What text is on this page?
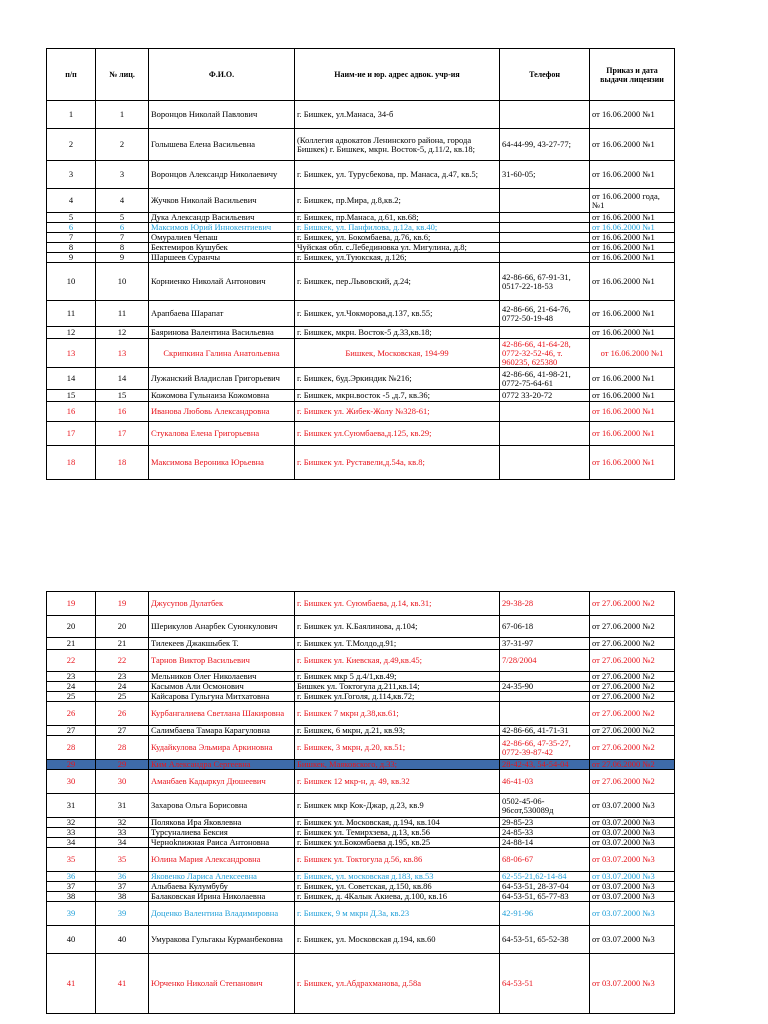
п/п	№ лиц.	Ф.И.О.	Наим-ие и юр. адрес адвок. учр-ия	Телефон	Приказ и дата выдачи лицензии
1	1	Воронцов Николай Павлович	г. Бишкек, ул.Манаса, 34-б		от 16.06.2000 №1
2	2	Голышева Елена Васильевна	(Коллегия адвокатов Ленинского района, города Бишкек) г. Бишкек, мкрн. Восток-5, д.11/2, кв.18;	64-44-99, 43-27-77;	от 16.06.2000 №1
3	3	Воронцов Александр Николаевичу	г. Бишкек, ул. Турусбекова, пр. Манаса, д.47, кв.5;	31-60-05;	от 16.06.2000 №1
4	4	Жучков Николай Васильевич	г. Бишкек, пр.Мира, д.8,кв.2;		от 16.06.2000 года, №1
5	5	Дука Александр Васильевич	г. Бишкек, пр.Манаса, д.61, кв.68;		от 16.06.2000 №1
6	6	Максимов Юрий Иннокентиевич	г. Бишкек, ул. Панфилова, д.12а, кв.40;		от 16.06.2000 №1
7	7	Омуралиев Чепаш	г. Бишкек, ул. Бокомбаева, д.76, кв.6;		от 16.06.2000 №1
8	8	Бектемиров Кушубек	Чуйская обл. с.Лебединовка ул. Мигулина, д.8;		от 16.06.2000 №1
9	9	Шаршеев Суранчы	г. Бишкек, ул.Туюкская, д.126;		от 16.06.2000 №1
10	10	Корниенко Николай Антонович	г. Бишкек, пер.Львовский, д.24;	42-86-66, 67-91-31, 0517-22-18-53	от 16.06.2000 №1
11	11	Арапбаева Шарапат	г. Бишкек, ул.Чокморова,д.137, кв.55;	42-86-66, 21-64-76, 0772-50-19-48	от 16.06.2000 №1
12	12	Баяринова Валентина Васильевна	г. Бишкек, мкрн. Восток-5 д.33,кв.18;		от 16.06.2000 №1
13	13	Скрипкина Галина Анатольевна	Бишкек, Московская, 194-99	42-86-66, 41-64-28, 0772-32-52-46, т. 960235, 625380	от 16.06.2000 №1
14	14	Лужанский Владислав Григорьевич	г. Бишкек, 6уд.Эркиндик №216;	42-86-66, 41-98-21, 0772-75-64-61	от 16.06.2000 №1
15	15	Кожомова Гульнаиза Кожомовна	г. Бишкек, мкрн.восток -5 ,д.7, кв.36;	0772 33-20-72	от 16.06.2000 №1
16	16	Иванова Любовь Александровна	г. Бишкек ул. Жибек-Жолу №328-61;		от 16.06.2000 №1
17	17	Стукалова Елена Григорьевна	г. Бишкек ул.Суюмбаева,д.125, кв.29;		от 16.06.2000 №1
18	18	Максимова Вероника Юрьевна	г. Бишкек ул. Руставели,д.54а, кв.8;		от 16.06.2000 №1
19	19	Джусупов Дулатбек	г. Бишкек ул. Суюмбаева, д.14, кв.31;	29-38-28	от 27.06.2000 №2
20	20	Шерикулов Анарбек Суюнкулович	г. Бишкек ул. К.Баялинова, д.104;	67-06-18	от 27.06.2000 №2
21	21	Тилекеев Джакшыбек Т.	г. Бишкек ул. Т.Молдо,д.91;	37-31-97	от 27.06.2000 №2
22	22	Тарнов Виктор Васильевич	г. Бишкек ул. Киевская, д.49,кв.45;	7/28/2004	от 27.06.2000 №2
23	23	Мельников Олег Николаевич	г. Бишкек мкр 5 д.4/1,кв.49;		от 27.06.2000 №2
24	24	Касымов Али Осмонович	Бишкек ул. Токтогула д.211,кв.14;	24-35-90	от 27.06.2000 №2
25	25	Кайсарова Гульгуна Митхатовна	г. Бишкек ул.Гоголя, д.114,кв.72;		от 27.06.2000 №2
26	26	Курбангалиева Светлана Шакировна	г. Бишкек 7 мкрн д.38,кв.61;		от 27.06.2000 №2
27	27	Салимбаева Тамара Карагуловна	г. Бишкек, 6 мкрн, д.21, кв.93;	42-86-66, 41-71-31	от 27.06.2000 №2
28	28	Кудайкулова Эльмира Аркиновна	г. Бишкек, 3 мкрн, д.20, кв.51;	42-86-66, 47-35-27, 0772-39-87-42	от 27.06.2000 №2
29	29	Ким Александра Сергеевна	Бишкек, Маяковского, д.33;	28-42-43, 54-54-04	от 27.06.2000 №2
30	30	Аманбаев Кадыркул Дюшеевич	г. Бишкек 12 мкр-н, д. 49, кв.32	46-41-03	от 27.06.2000 №2
31	31	Захарова Ольга Борисовна	г. Бишкек мкр Кок-Джар, д.23, кв.9	0502-45-06-96сот,530089д	от 03.07.2000 №3
32	32	Полякова Ира Яковлевна	г. Бишкек ул. Московская, д.194, кв.104	29-85-23	от 03.07.2000 №3
33	33	Турсуналиева Бексия	г. Бишкек ул. Темирхзева, д.13, кв.56	24-85-33	от 03.07.2000 №3
34	34	Черноknижная Раиса Антоновна	г. Бишкек ул.Бокомбаева д.195, кв.25	24-88-14	от 03.07.2000 №3
35	35	Юлина Мария Александровна	г. Бишкек ул. Токтогула д.56, кв.86	68-06-67	от 03.07.2000 №3
36	36	Яковенко Лариса Алексеевна	г. Бишкек, ул. московская д.183, кв.53	62-55-21,62-14-84	от 03.07.2000 №3
37	37	Алыбаева Кулумбубу	г. Бишкек, ул. Советская, д.150, кв.86	64-53-51, 28-37-04	от 03.07.2000 №3
38	38	Балаковская Ирина Николаевна	г. Бишкек, д. 4Калык Акиева, д.100, кв.16	64-53-51, 65-77-83	от 03.07.2000 №3
39	39	Доценко Валентина Владимировна	г. Бишкек, 9 м мкрн Д.3а, кв.23	42-91-96	от 03.07.2000 №3
40	40	Умуракова Гульгакы Курманбековна	г. Бишкек, ул. Московская д.194, кв.60	64-53-51, 65-52-38	от 03.07.2000 №3
41	41	Юрченко Николай Степанович	г. Бишкек, ул.Абдрахманова, д.58а	64-53-51	от 03.07.2000 №3
